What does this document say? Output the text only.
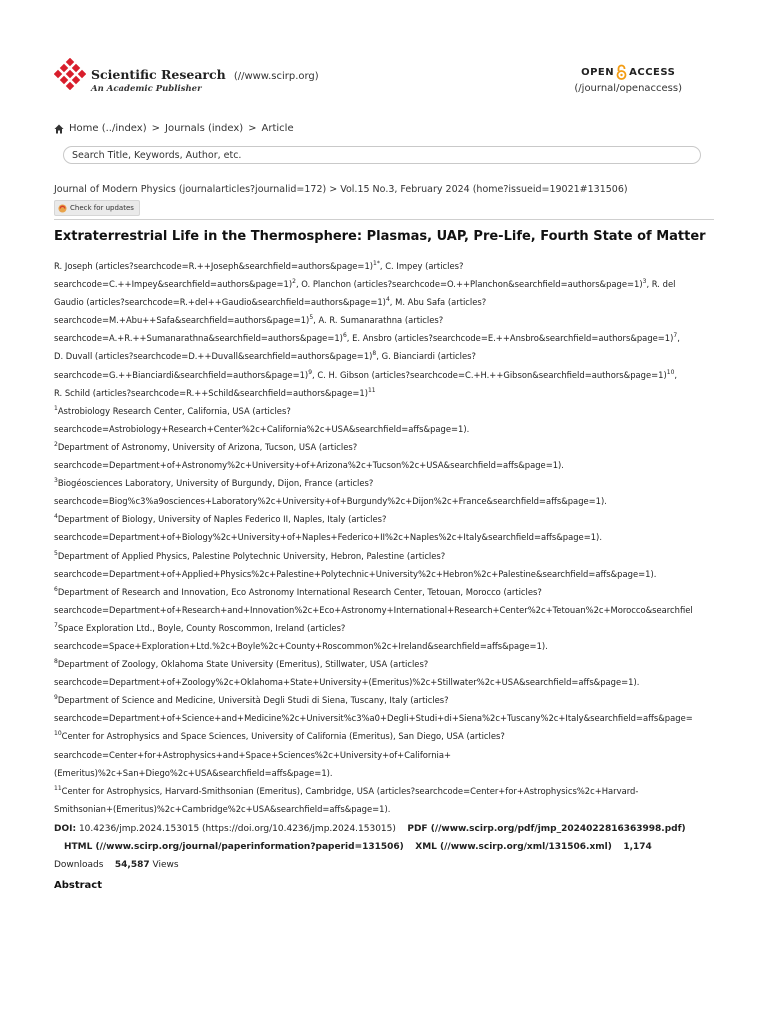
Scientific Research (//www.scirp.org)
An Academic Publisher
OPEN ACCESS
(/journal/openaccess)
Home (../index) > Journals (index) > Article
Search Title, Keywords, Author, etc.
Journal of Modern Physics (journalarticles?journalid=172) > Vol.15 No.3, February 2024 (home?issueid=19021#131506)
Check for updates
Extraterrestrial Life in the Thermosphere: Plasmas, UAP, Pre-Life, Fourth State of Matter
R. Joseph (articles?searchcode=R.++Joseph&searchfield=authors&page=1)$^{1*}$, C. Impey (articles?
searchcode=C.++Impey&searchfield=authors&page=1)$^2$, O. Planchon (articles?searchcode=O.++Planchon&searchfield=authors&page=1)$^3$, R. del
Gaudio (articles?searchcode=R.+del++Gaudio&searchfield=authors&page=1)$^4$, M. Abu Safa (articles?
searchcode=M.+Abu++Safa&searchfield=authors&page=1)$^5$, A. R. Sumanarathna (articles?
searchcode=A.+R.++Sumanarathna&searchfield=authors&page=1)$^6$, E. Ansbro (articles?searchcode=E.++Ansbro&searchfield=authors&page=1)$^7$,
D. Duvall (articles?searchcode=D.++Duvall&searchfield=authors&page=1)$^8$, G. Bianciardi (articles?
searchcode=G.++Bianciardi&searchfield=authors&page=1)$^9$, C. H. Gibson (articles?searchcode=C.+H.++Gibson&searchfield=authors&page=1)$^{10}$,
R. Schild (articles?searchcode=R.++Schild&searchfield=authors&page=1)$^{11}$
$^1$Astrobiology Research Center, California, USA (articles?
searchcode=Astrobiology+Research+Center%2c+California%2c+USA&searchfield=affs&page=1).
$^2$Department of Astronomy, University of Arizona, Tucson, USA (articles?
searchcode=Department+of+Astronomy%2c+University+of+Arizona%2c+Tucson%2c+USA&searchfield=affs&page=1).
$^3$Biogéosciences Laboratory, University of Burgundy, Dijon, France (articles?
searchcode=Biog%c3%a9osciences+Laboratory%2c+University+of+Burgundy%2c+Dijon%2c+France&searchfield=affs&page=1).
$^4$Department of Biology, University of Naples Federico II, Naples, Italy (articles?
searchcode=Department+of+Biology%2c+University+of+Naples+Federico+II%2c+Naples%2c+Italy&searchfield=affs&page=1).
$^5$Department of Applied Physics, Palestine Polytechnic University, Hebron, Palestine (articles?
searchcode=Department+of+Applied+Physics%2c+Palestine+Polytechnic+University%2c+Hebron%2c+Palestine&searchfield=affs&page=1).
$^6$Department of Research and Innovation, Eco Astronomy International Research Center, Tetouan, Morocco (articles?
searchcode=Department+of+Research+and+Innovation%2c+Eco+Astronomy+International+Research+Center%2c+Tetouan%2c+Morocco&searchfiel
$^7$Space Exploration Ltd., Boyle, County Roscommon, Ireland (articles?
searchcode=Space+Exploration+Ltd.%2c+Boyle%2c+County+Roscommon%2c+Ireland&searchfield=affs&page=1).
$^8$Department of Zoology, Oklahoma State University (Emeritus), Stillwater, USA (articles?
searchcode=Department+of+Zoology%2c+Oklahoma+State+University+(Emeritus)%2c+Stillwater%2c+USA&searchfield=affs&page=1).
$^9$Department of Science and Medicine, Università Degli Studi di Siena, Tuscany, Italy (articles?
searchcode=Department+of+Science+and+Medicine%2c+Universit%c3%a0+Degli+Studi+di+Siena%2c+Tuscany%2c+Italy&searchfield=affs&page=
$^{10}$Center for Astrophysics and Space Sciences, University of California (Emeritus), San Diego, USA (articles?
searchcode=Center+for+Astrophysics+and+Space+Sciences%2c+University+of+California+
(Emeritus)%2c+San+Diego%2c+USA&searchfield=affs&page=1).
$^{11}$Center for Astrophysics, Harvard-Smithsonian (Emeritus), Cambridge, USA (articles?searchcode=Center+for+Astrophysics%2c+Harvard-
Smithsonian+(Emeritus)%2c+Cambridge%2c+USA&searchfield=affs&page=1).
DOI: 10.4236/jmp.2024.153015 (https://doi.org/10.4236/jmp.2024.153015) PDF (//www.scirp.org/pdf/jmp_2024022816363998.pdf)
HTML (//www.scirp.org/journal/paperinformation?paperid=131506) XML (//www.scirp.org/xml/131506.xml) 1,174
Downloads 54,587 Views
Abstract
